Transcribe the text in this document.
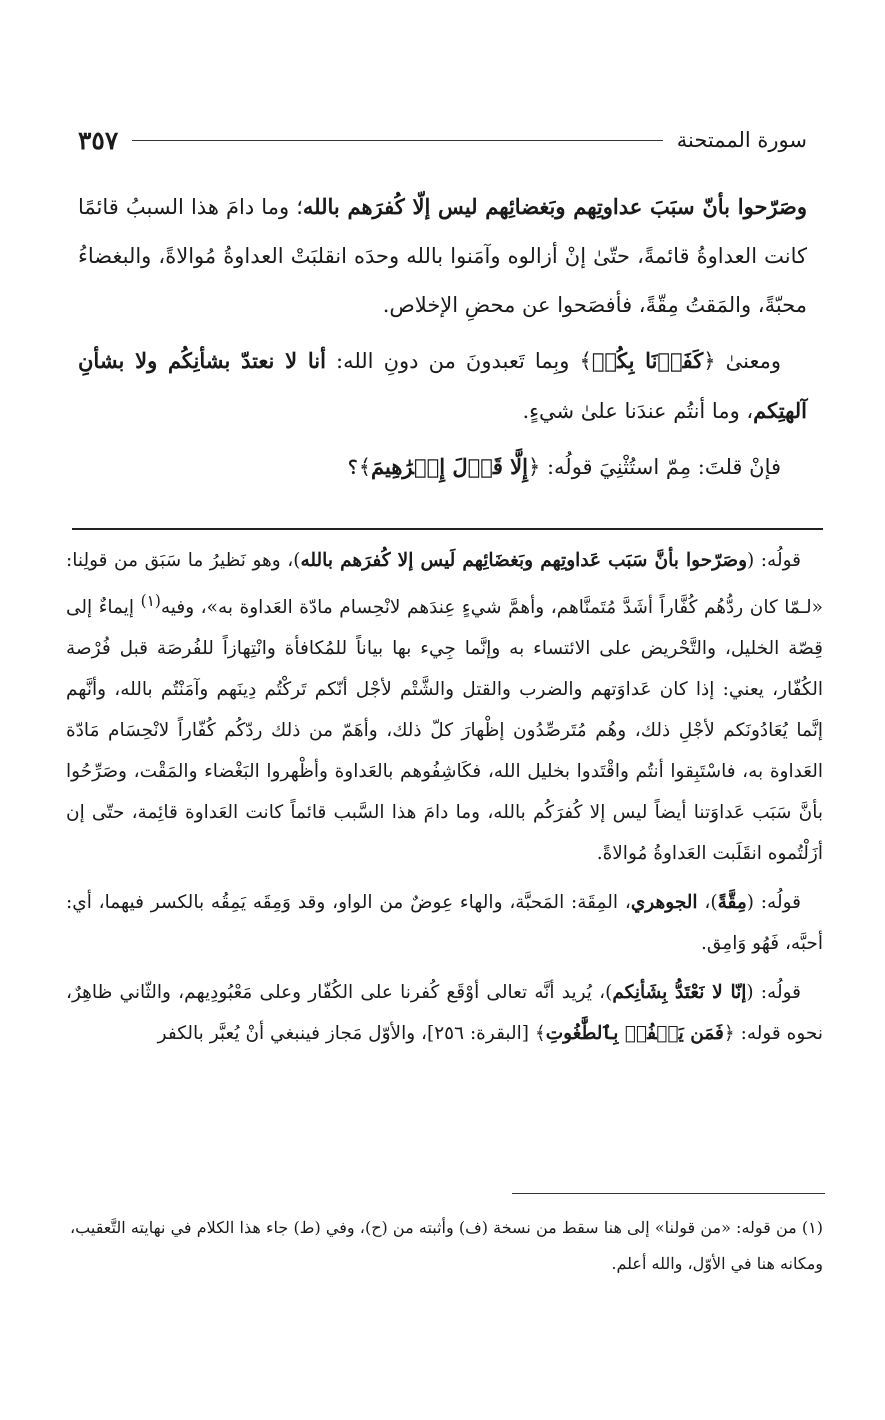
سورة الممتحنة
٣٥٧

وصَرّحوا بأنّ سبَبَ عداوتِهم وبَغضائِهم ليس إلّا كُفرَهم بالله؛ وما دامَ هذا السببُ قائمًا كانت العداوةُ قائمةً، حتّىٰ إنْ أزالوه وآمَنوا بالله وحدَه انقلبَتْ العداوةُ مُوالاةً، والبغضاءُ محبّةً، والمَقتُ مِقّةً، فأفصَحوا عن محضِ الإخلاص.

ومعنىٰ ﴿كَفَرۡنَا بِكُمۡ﴾ وبِما تَعبدونَ من دونِ الله: أنا لا نعتدّ بشأنِكُم ولا بشأنِ آلهتِكم، وما أنتُم عندَنا علىٰ شيءٍ.

فإنْ قلتَ: مِمّ استُثْنِيَ قولُه: ﴿إِلَّا قَوۡلَ إِبۡرَٰهِيمَ﴾؟

قولُه: (وصَرّحوا بأنَّ سَبَب عَداوتِهم وبَغضَائِهم لَيس إلا كُفرَهم بالله)، وهو نَظيرُ ما سَبَق من قولِنا: «لـمّا كان ردُّهُم كُفَّاراً أشَدَّ مُتَمنَّاهم، وأهمَّ شيءٍ عِندَهم لانْحِسام مادّة العَداوة به»، وفيه$^{(١)}$ إيماءٌ إلى قِصّة الخليل، والتَّحْريض على الائتساء به وإنَّما جِيء بها بياناً للمُكافأة وانْتِهازاً للفُرصَة قبل فُرْصة الكُفّار، يعني: إذا كان عَداوَتهم والضرب والقتل والشَّتْم لأجْل أنّكم تَركْتُم دِينَهم وآمَنْتُم بالله، وأنَّهم إنَّما يُعَادُونَكم لأجْلِ ذلك، وهُم مُتَرصِّدُون إظْهارَ كلّ ذلك، وأهَمّ من ذلك ردّكُم كُفّاراً لانْحِسَام مَادّة العَداوة به، فاسْتَبِقوا أنتُم واقْتَدوا بخليل الله، فكَاشِفُوهم بالعَداوة وأظْهروا البَغْضاء والمَقْت، وصَرِّحُوا بأنَّ سَبَب عَداوَتنا أيضاً ليس إلا كُفرَكُم بالله، وما دامَ هذا السَّبب قائماً كانت العَداوة قائِمة، حتّى إن أزَلْتُموه انقَلَبت العَداوةُ مُوالاةً.

قولُه: (مِقَّةً)، الجوهري، المِقَة: المَحبَّة، والهاء عِوضٌ من الواو، وقد وَمِقَه يَمِقُه بالكسر فيهما، أي: أحبَّه، فَهُو وَامِق.

قولُه: (إنّا لا نَعْتَدُّ بِشَأنِكم)، يُريد أنَّه تعالى أوْقَع كُفرنا على الكُفّار وعلى مَعْبُودِيهم، والثّاني ظاهِرٌ، نحوه قوله: ﴿فَمَن يَكۡفُرۡ بِٱلطَّٰغُوتِ﴾ [البقرة: ٢٥٦]، والأوّل مَجاز فينبغي أنْ يُعبَّر بالكفر

(١) من قوله: «من قولنا» إلى هنا سقط من نسخة (ف) وأثبته من (ح)، وفي (ط) جاء هذا الكلام في نهايته التَّعقيب، ومكانه هنا في الأوّل، والله أعلم.
